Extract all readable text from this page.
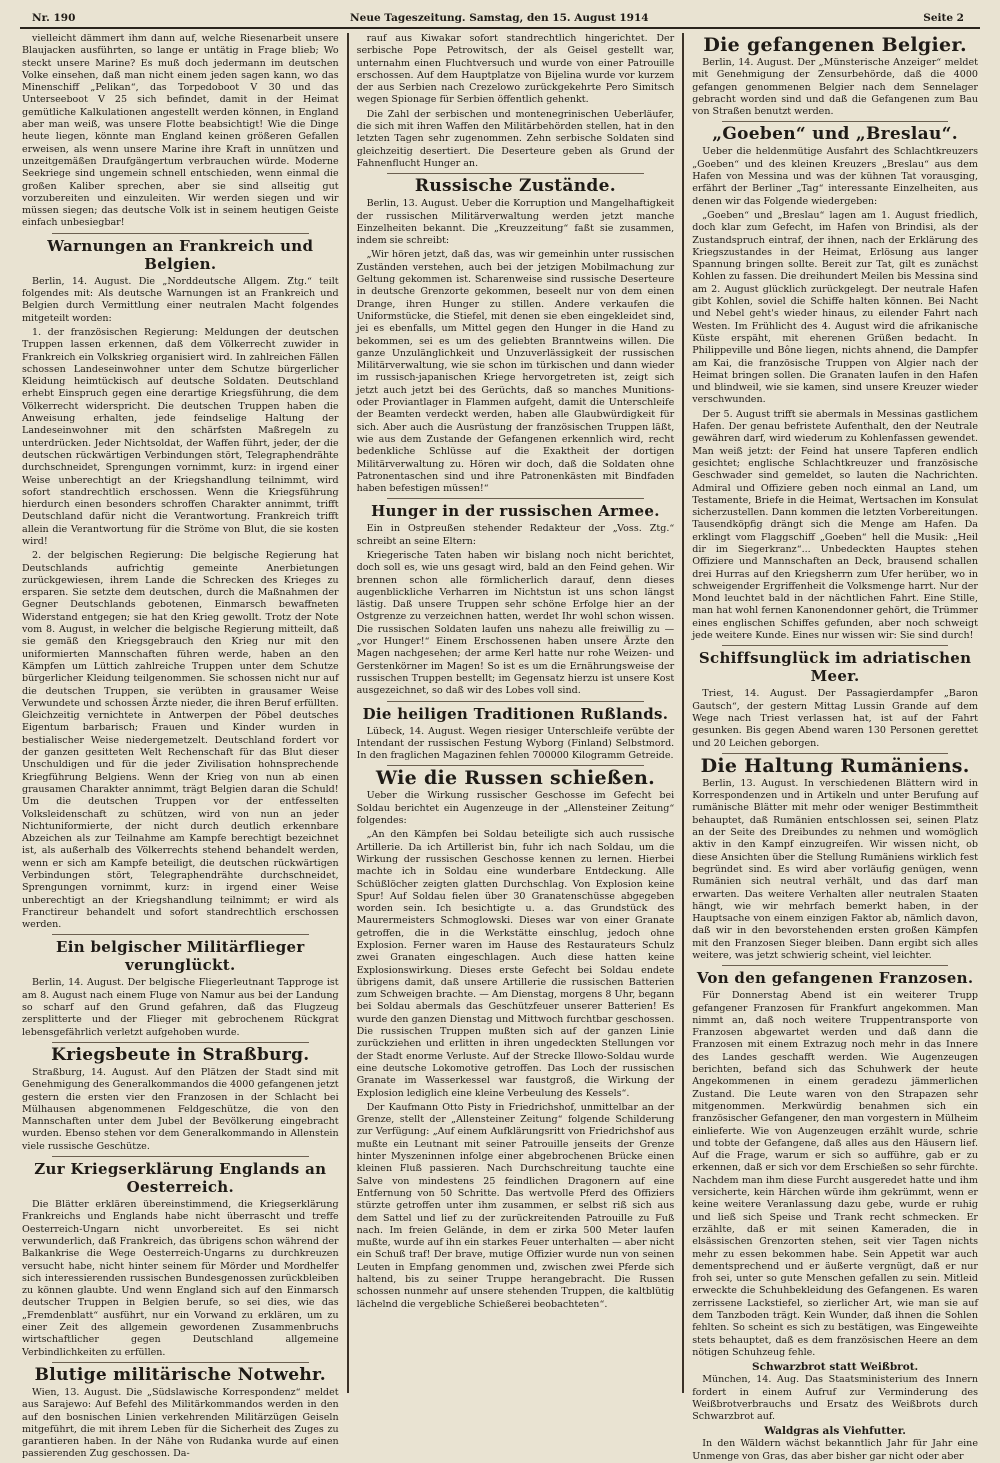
Nr. 190	Neue Tageszeitung. Samstag, den 15. August 1914	Seite 2

vielleicht dämmert ihm dann auf, welche Riesenarbeit unsere Blaujacken ausführten, so lange er untätig in Frage blieb; Wo steckt unsere Marine? Es muß doch jedermann im deutschen Volke einsehen, daß man nicht einem jeden sagen kann, wo das Minenschiff „Pelikan“, das Torpedoboot V 30 und das Unterseeboot V 25 sich befindet, damit in der Heimat gemütliche Kalkulationen angestellt werden können, in England aber man weiß, was unsere Flotte beabsichtigt! Wie die Dinge heute liegen, könnte man England keinen größeren Gefallen erweisen, als wenn unsere Marine ihre Kraft in unnützen und unzeitgemäßen Draufgängertum verbrauchen würde. Moderne Seekriege sind ungemein schnell entschieden, wenn einmal die großen Kaliber sprechen, aber sie sind allseitig gut vorzubereiten und einzuleiten. Wir werden siegen und wir müssen siegen; das deutsche Volk ist in seinem heutigen Geiste einfach unbesiegbar!

Warnungen an Frankreich und Belgien.

Berlin, 14. August. Die „Norddeutsche Allgem. Ztg.“ teilt folgendes mit: Als deutsche Warnungen ist an Frankreich und Belgien durch Vermittlung einer neutralen Macht folgendes mitgeteilt worden:

1. der französischen Regierung: Meldungen der deutschen Truppen lassen erkennen, daß dem Völkerrecht zuwider in Frankreich ein Volkskrieg organisiert wird. In zahlreichen Fällen schossen Landeseinwohner unter dem Schutze bürgerlicher Kleidung heimtückisch auf deutsche Soldaten. Deutschland erhebt Einspruch gegen eine derartige Kriegsführung, die dem Völkerrecht widerspricht. Die deutschen Truppen haben die Anweisung erhalten, jede feindselige Haltung der Landeseinwohner mit den schärfsten Maßregeln zu unterdrücken. Jeder Nichtsoldat, der Waffen führt, jeder, der die deutschen rückwärtigen Verbindungen stört, Telegraphendrähte durchschneidet, Sprengungen vornimmt, kurz: in irgend einer Weise unberechtigt an der Kriegshandlung teilnimmt, wird sofort standrechtlich erschossen. Wenn die Kriegsführung hierdurch einen besonders schroffen Charakter annimmt, trifft Deutschland dafür nicht die Verantwortung. Frankreich trifft allein die Verantwortung für die Ströme von Blut, die sie kosten wird!

2. der belgischen Regierung: Die belgische Regierung hat Deutschlands aufrichtig gemeinte Anerbietungen zurückgewiesen, ihrem Lande die Schrecken des Krieges zu ersparen. Sie setzte dem deutschen, durch die Maßnahmen der Gegner Deutschlands gebotenen, Einmarsch bewaffneten Widerstand entgegen; sie hat den Krieg gewollt. Trotz der Note vom 8. August, in welcher die belgische Regierung mitteilt, daß sie gemäß den Kriegsgebrauch den Krieg nur mit den uniformierten Mannschaften führen werde, haben an den Kämpfen um Lüttich zahlreiche Truppen unter dem Schutze bürgerlicher Kleidung teilgenommen. Sie schossen nicht nur auf die deutschen Truppen, sie verübten in grausamer Weise Verwundete und schossen Ärzte nieder, die ihren Beruf erfüllten. Gleichzeitig vernichtete in Antwerpen der Pöbel deutsches Eigentum barbarisch; Frauen und Kinder wurden in bestialischer Weise niedergemetzelt. Deutschland fordert vor der ganzen gesitteten Welt Rechenschaft für das Blut dieser Unschuldigen und für die jeder Zivilisation hohnsprechende Kriegführung Belgiens. Wenn der Krieg von nun ab einen grausamen Charakter annimmt, trägt Belgien daran die Schuld! Um die deutschen Truppen vor der entfesselten Volksleidenschaft zu schützen, wird von nun an jeder Nichtuniformierte, der nicht durch deutlich erkennbare Abzeichen als zur Teilnahme am Kampfe berechtigt bezeichnet ist, als außerhalb des Völkerrechts stehend behandelt werden, wenn er sich am Kampfe beteiligt, die deutschen rückwärtigen Verbindungen stört, Telegraphendrähte durchschneidet, Sprengungen vornimmt, kurz: in irgend einer Weise unberechtigt an der Kriegshandlung teilnimmt; er wird als Franctireur behandelt und sofort standrechtlich erschossen werden.

Ein belgischer Militärflieger verunglückt.

Berlin, 14. August. Der belgische Fliegerleutnant Tapproge ist am 8. August nach einem Fluge von Namur aus bei der Landung so scharf auf den Grund gefahren, daß das Flugzeug zersplitterte und der Flieger mit gebrochenem Rückgrat lebensgefährlich verletzt aufgehoben wurde.

Kriegsbeute in Straßburg.

Straßburg, 14. August. Auf den Plätzen der Stadt sind mit Genehmigung des Generalkommandos die 4000 gefangenen jetzt gestern die ersten vier den Franzosen in der Schlacht bei Mülhausen abgenommenen Feldgeschütze, die von den Mannschaften unter dem Jubel der Bevölkerung eingebracht wurden. Ebenso stehen vor dem Generalkommando in Allenstein viele russische Geschütze.

Zur Kriegserklärung Englands an Oesterreich.

Die Blätter erklären übereinstimmend, die Kriegserklärung Frankreichs und Englands habe nicht überrascht und treffe Oesterreich-Ungarn nicht unvorbereitet. Es sei nicht verwunderlich, daß Frankreich, das übrigens schon während der Balkankrise die Wege Oesterreich-Ungarns zu durchkreuzen versucht habe, nicht hinter seinem für Mörder und Mordhelfer sich interessierenden russischen Bundesgenossen zurückbleiben zu können glaubte. Und wenn England sich auf den Einmarsch deutscher Truppen in Belgien berufe, so sei dies, wie das „Fremdenblatt“ ausführt, nur ein Vorwand zu erklären, um zu einer Zeit des allgemein gewordenen Zusammenbruchs wirtschaftlicher gegen Deutschland allgemeine Verbindlichkeiten zu erfüllen.

Blutige militärische Notwehr.

Wien, 13. August. Die „Südslawische Korrespondenz“ meldet aus Sarajewo: Auf Befehl des Militärkommandos werden in den auf den bosnischen Linien verkehrenden Militärzügen Geiseln mitgeführt, die mit ihrem Leben für die Sicherheit des Zuges zu garantieren haben. In der Nähe von Rudanka wurde auf einen passierenden Zug geschossen. Da-

rauf aus Kiwakar sofort standrechtlich hingerichtet. Der serbische Pope Petrowitsch, der als Geisel gestellt war, unternahm einen Fluchtversuch und wurde von einer Patrouille erschossen. Auf dem Hauptplatze von Bijelina wurde vor kurzem der aus Serbien nach Crezelowo zurückgekehrte Pero Simitsch wegen Spionage für Serbien öffentlich gehenkt.

Die Zahl der serbischen und montenegrinischen Ueberläufer, die sich mit ihren Waffen den Militärbehörden stellen, hat in den letzten Tagen sehr zugenommen. Zehn serbische Soldaten sind gleichzeitig desertiert. Die Deserteure geben als Grund der Fahnenflucht Hunger an.

Russische Zustände.

Berlin, 13. August. Ueber die Korruption und Mangelhaftigkeit der russischen Militärverwaltung werden jetzt manche Einzelheiten bekannt. Die „Kreuzzeitung“ faßt sie zusammen, indem sie schreibt:

„Wir hören jetzt, daß das, was wir gemeinhin unter russischen Zuständen verstehen, auch bei der jetzigen Mobilmachung zur Geltung gekommen ist. Scharenweise sind russische Deserteure in deutsche Grenzorte gekommen, beseelt nur von dem einen Drange, ihren Hunger zu stillen. Andere verkaufen die Uniformstücke, die Stiefel, mit denen sie eben eingekleidet sind, jei es ebenfalls, um Mittel gegen den Hunger in die Hand zu bekommen, sei es um des geliebten Branntweins willen. Die ganze Unzulänglichkeit und Unzuverlässigkeit der russischen Militärverwaltung, wie sie schon im türkischen und dann wieder im russisch-japanischen Kriege hervorgetreten ist, zeigt sich jetzt auch jetzt bei des Gerüchts, daß so manches Munitions- oder Proviantlager in Flammen aufgeht, damit die Unterschleife der Beamten verdeckt werden, haben alle Glaubwürdigkeit für sich. Aber auch die Ausrüstung der französischen Truppen läßt, wie aus dem Zustande der Gefangenen erkennlich wird, recht bedenkliche Schlüsse auf die Exaktheit der dortigen Militärverwaltung zu. Hören wir doch, daß die Soldaten ohne Patronentaschen sind und ihre Patronenkästen mit Bindfaden haben befestigen müssen!“

Hunger in der russischen Armee.

Ein in Ostpreußen stehender Redakteur der „Voss. Ztg.“ schreibt an seine Eltern:

Kriegerische Taten haben wir bislang noch nicht berichtet, doch soll es, wie uns gesagt wird, bald an den Feind gehen. Wir brennen schon alle förmlicherlich darauf, denn dieses augenblickliche Verharren im Nichtstun ist uns schon längst lästig. Daß unsere Truppen sehr schöne Erfolge hier an der Ostgrenze zu verzeichnen hatten, werdet Ihr wohl schon wissen. Die russischen Soldaten laufen uns nahezu alle freiwillig zu — „vor Hunger!“ Einem Erschossenen haben unsere Ärzte den Magen nachgesehen; der arme Kerl hatte nur rohe Weizen- und Gerstenkörner im Magen! So ist es um die Ernährungsweise der russischen Truppen bestellt; im Gegensatz hierzu ist unsere Kost ausgezeichnet, so daß wir des Lobes voll sind.

Die heiligen Traditionen Rußlands.

Lübeck, 14. August. Wegen riesiger Unterschleife verübte der Intendant der russischen Festung Wyborg (Finland) Selbstmord. In den fraglichen Magazinen fehlen 700000 Kilogramm Getreide.

Wie die Russen schießen.

Ueber die Wirkung russischer Geschosse im Gefecht bei Soldau berichtet ein Augenzeuge in der „Allensteiner Zeitung“ folgendes:

„An den Kämpfen bei Soldau beteiligte sich auch russische Artillerie. Da ich Artillerist bin, fuhr ich nach Soldau, um die Wirkung der russischen Geschosse kennen zu lernen. Hierbei machte ich in Soldau eine wunderbare Entdeckung. Alle Schüßlöcher zeigten glatten Durchschlag. Von Explosion keine Spur! Auf Soldau fielen über 30 Granatenschüsse abgegeben worden sein. Ich besichtigte u. a. das Grundstück des Maurermeisters Schmoglowski. Dieses war von einer Granate getroffen, die in die Werkstätte einschlug, jedoch ohne Explosion. Ferner waren im Hause des Restaurateurs Schulz zwei Granaten eingeschlagen. Auch diese hatten keine Explosionswirkung. Dieses erste Gefecht bei Soldau endete übrigens damit, daß unsere Artillerie die russischen Batterien zum Schweigen brachte. — Am Dienstag, morgens 8 Uhr, begann bei Soldau abermals das Geschützfeuer unserer Batterien! Es wurde den ganzen Dienstag und Mittwoch furchtbar geschossen. Die russischen Truppen mußten sich auf der ganzen Linie zurückziehen und erlitten in ihren ungedeckten Stellungen vor der Stadt enorme Verluste. Auf der Strecke Illowo-Soldau wurde eine deutsche Lokomotive getroffen. Das Loch der russischen Granate im Wasserkessel war faustgroß, die Wirkung der Explosion lediglich eine kleine Verbeulung des Kessels“.

Der Kaufmann Otto Pisty in Friedrichshof, unmittelbar an der Grenze, stellt der „Allensteiner Zeitung“ folgende Schilderung zur Verfügung: „Auf einem Aufklärungsritt von Friedrichshof aus mußte ein Leutnant mit seiner Patrouille jenseits der Grenze hinter Myszeninnen infolge einer abgebrochenen Brücke einen kleinen Fluß passieren. Nach Durchschreitung tauchte eine Salve von mindestens 25 feindlichen Dragonern auf eine Entfernung von 50 Schritte. Das wertvolle Pferd des Offiziers stürzte getroffen unter ihm zusammen, er selbst riß sich aus dem Sattel und lief zu der zurückreitenden Patrouille zu Fuß nach. Im freien Gelände, in dem er zirka 500 Meter laufen mußte, wurde auf ihn ein starkes Feuer unterhalten — aber nicht ein Schuß traf! Der brave, mutige Offizier wurde nun von seinen Leuten in Empfang genommen und, zwischen zwei Pferde sich haltend, bis zu seiner Truppe herangebracht. Die Russen schossen nunmehr auf unsere stehenden Truppen, die kaltblütig lächelnd die vergebliche Schießerei beobachteten“.

Die gefangenen Belgier.

Berlin, 14. August. Der „Münsterische Anzeiger“ meldet mit Genehmigung der Zensurbehörde, daß die 4000 gefangen genommenen Belgier nach dem Sennelager gebracht worden sind und daß die Gefangenen zum Bau von Straßen benutzt werden.

„Goeben“ und „Breslau“.

Ueber die heldenmütige Ausfahrt des Schlachtkreuzers „Goeben“ und des kleinen Kreuzers „Breslau“ aus dem Hafen von Messina und was der kühnen Tat vorausging, erfährt der Berliner „Tag“ interessante Einzelheiten, aus denen wir das Folgende wiedergeben:

„Goeben“ und „Breslau“ lagen am 1. August friedlich, doch klar zum Gefecht, im Hafen von Brindisi, als der Zustandspruch eintraf, der ihnen, nach der Erklärung des Kriegszustandes in der Heimat, Erlösung aus langer Spannung bringen sollte. Bereit zur Tat, gilt es zunächst Kohlen zu fassen. Die dreihundert Meilen bis Messina sind am 2. August glücklich zurückgelegt. Der neutrale Hafen gibt Kohlen, soviel die Schiffe halten können. Bei Nacht und Nebel geht's wieder hinaus, zu eilender Fahrt nach Westen. Im Frühlicht des 4. August wird die afrikanische Küste erspäht, mit eherenen Grüßen bedacht. In Philippeville und Bône liegen, nichts ahnend, die Dampfer am Kai, die französische Truppen von Algier nach der Heimat bringen sollen. Die Granaten laufen in den Hafen und blindweil, wie sie kamen, sind unsere Kreuzer wieder verschwunden.

Der 5. August trifft sie abermals in Messinas gastlichem Hafen. Der genau befristete Aufenthalt, den der Neutrale gewähren darf, wird wiederum zu Kohlenfassen gewendet. Man weiß jetzt: der Feind hat unsere Tapferen endlich gesichtet; englische Schlachtkreuzer und französische Geschwader sind gemeldet, so lauten die Nachrichten. Admiral und Offiziere geben noch einmal an Land, um Testamente, Briefe in die Heimat, Wertsachen im Konsulat sicherzustellen. Dann kommen die letzten Vorbereitungen. Tausendköpfig drängt sich die Menge am Hafen. Da erklingt vom Flaggschiff „Goeben“ hell die Musik: „Heil dir im Siegerkranz“... Unbedeckten Hauptes stehen Offiziere und Mannschaften an Deck, brausend schallen drei Hurras auf den Kriegsherrn zum Ufer herüber, wo in schweigender Ergriffenheit die Volksmenge harrt. Nur der Mond leuchtet bald in der nächtlichen Fahrt. Eine Stille, man hat wohl fernen Kanonendonner gehört, die Trümmer eines englischen Schiffes gefunden, aber noch schweigt jede weitere Kunde. Eines nur wissen wir: Sie sind durch!

Schiffsunglück im adriatischen Meer.

Triest, 14. August. Der Passagierdampfer „Baron Gautsch“, der gestern Mittag Lussin Grande auf dem Wege nach Triest verlassen hat, ist auf der Fahrt gesunken. Bis gegen Abend waren 130 Personen gerettet und 20 Leichen geborgen.

Die Haltung Rumäniens.

Berlin, 13. August. In verschiedenen Blättern wird in Korrespondenzen und in Artikeln und unter Berufung auf rumänische Blätter mit mehr oder weniger Bestimmtheit behauptet, daß Rumänien entschlossen sei, seinen Platz an der Seite des Dreibundes zu nehmen und womöglich aktiv in den Kampf einzugreifen. Wir wissen nicht, ob diese Ansichten über die Stellung Rumäniens wirklich fest begründet sind. Es wird aber vorläufig genügen, wenn Rumänien sich neutral verhält, und das darf man erwarten. Das weitere Verhalten aller neutralen Staaten hängt, wie wir mehrfach bemerkt haben, in der Hauptsache von einem einzigen Faktor ab, nämlich davon, daß wir in den bevorstehenden ersten großen Kämpfen mit den Franzosen Sieger bleiben. Dann ergibt sich alles weitere, was jetzt schwierig scheint, viel leichter.

Von den gefangenen Franzosen.

Für Donnerstag Abend ist ein weiterer Trupp gefangener Franzosen für Frankfurt angekommen. Man nimmt an, daß noch weitere Truppentransporte von Franzosen abgewartet werden und daß dann die Franzosen mit einem Extrazug noch mehr in das Innere des Landes geschafft werden. Wie Augenzeugen berichten, befand sich das Schuhwerk der heute Angekommenen in einem geradezu jämmerlichen Zustand. Die Leute waren von den Strapazen sehr mitgenommen. Merkwürdig benahmen sich ein französischer Gefangener, den man vorgestern in Mülheim einlieferte. Wie von Augenzeugen erzählt wurde, schrie und tobte der Gefangene, daß alles aus den Häusern lief. Auf die Frage, warum er sich so aufführe, gab er zu erkennen, daß er sich vor dem Erschießen so sehr fürchte. Nachdem man ihm diese Furcht ausgeredet hatte und ihm versicherte, kein Härchen würde ihm gekrümmt, wenn er keine weitere Veranlassung dazu gebe, wurde er ruhig und ließ sich Speise und Trank recht schmecken. Er erzählte, daß er mit seinen Kameraden, die in elsässischen Grenzorten stehen, seit vier Tagen nichts mehr zu essen bekommen habe. Sein Appetit war auch dementsprechend und er äußerte vergnügt, daß er nur froh sei, unter so gute Menschen gefallen zu sein. Mitleid erweckte die Schuhbekleidung des Gefangenen. Es waren zerrissene Lackstiefel, so zierlicher Art, wie man sie auf dem Tanzboden trägt. Kein Wunder, daß ihnen die Sohlen fehlten. So scheint es sich zu bestätigen, was Eingeweihte stets behauptet, daß es dem französischen Heere an dem nötigen Schuhzeug fehle.

Schwarzbrot statt Weißbrot.

München, 14. Aug. Das Staatsministerium des Innern fordert in einem Aufruf zur Verminderung des Weißbrotverbrauchs und Ersatz des Weißbrots durch Schwarzbrot auf.

Waldgras als Viehfutter.

In den Wäldern wächst bekanntlich Jahr für Jahr eine Unmenge von Gras, das aber bisher gar nicht oder aber
